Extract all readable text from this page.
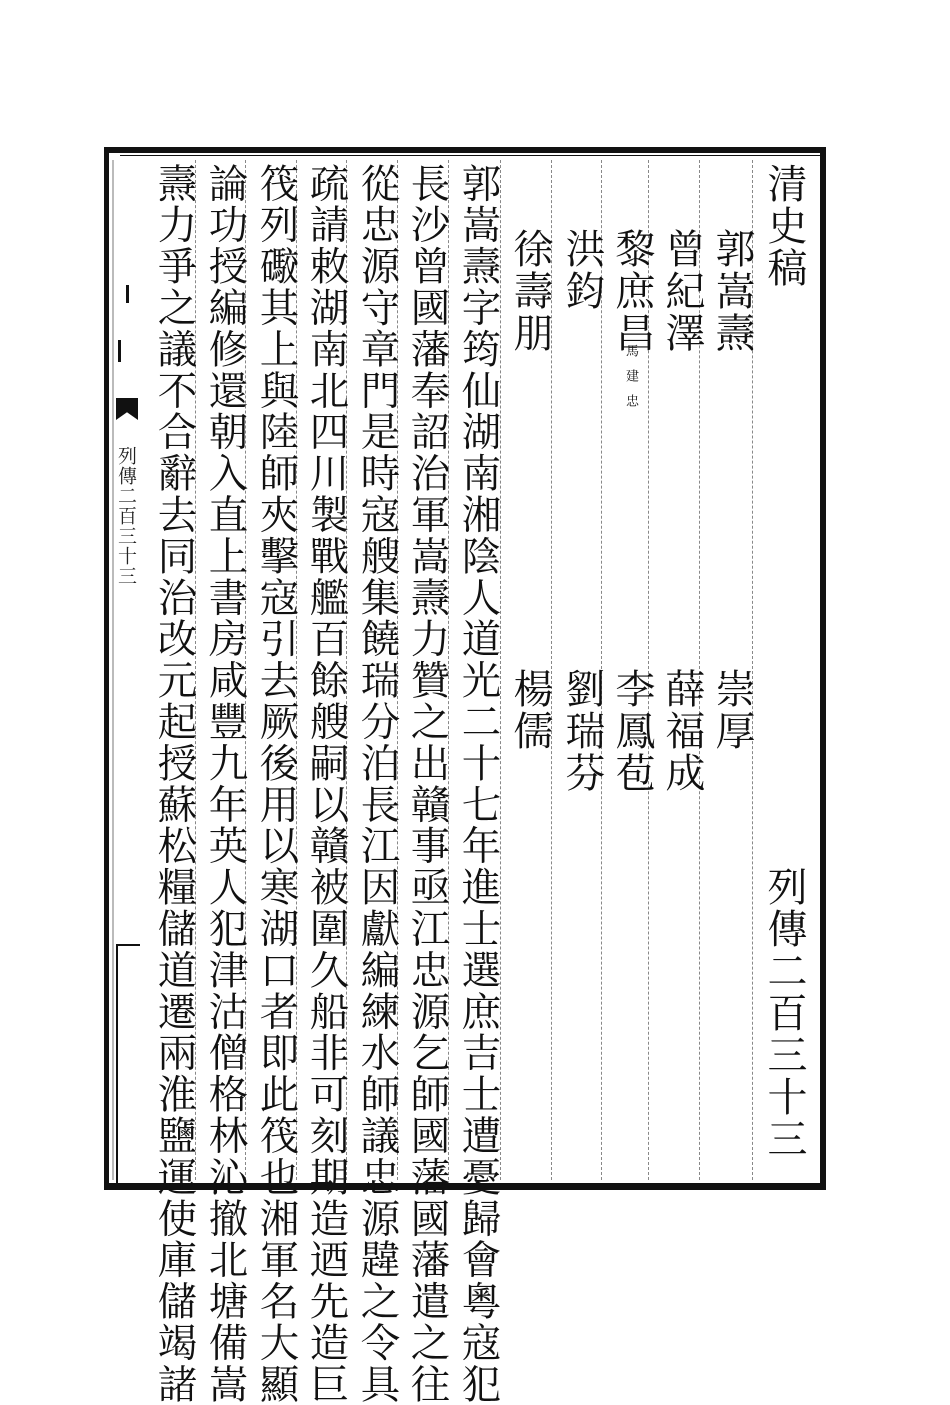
清史稿
列傳二百三十三
郭嵩燾
曾紀澤
黎庶昌
馬建忠
洪鈞
徐壽朋
崇厚
薛福成
李鳳苞
劉瑞芬
楊儒
郭嵩燾字筠仙湖南湘陰人道光二十七年進士選庶吉士遭憂歸會粵寇犯
長沙曾國藩奉詔治軍嵩燾力贊之出贛事亟江忠源乞師國藩國藩遣之往
從忠源守章門是時寇艘集饒瑞分泊長江因獻編練水師議忠源韙之令具
疏請敕湖南北四川製戰艦百餘艘嗣以贛被圍久船非可刻期造迺先造巨
筏列礮其上與陸師夾擊寇引去厥後用以寒湖口者即此筏也湘軍名大顯
論功授編修還朝入直上書房咸豐九年英人犯津沽僧格林沁撤北塘備嵩
燾力爭之議不合辭去同治改元起授蘇松糧儲道遷兩淮鹽運使庫儲竭諸
列傳二百三十三
